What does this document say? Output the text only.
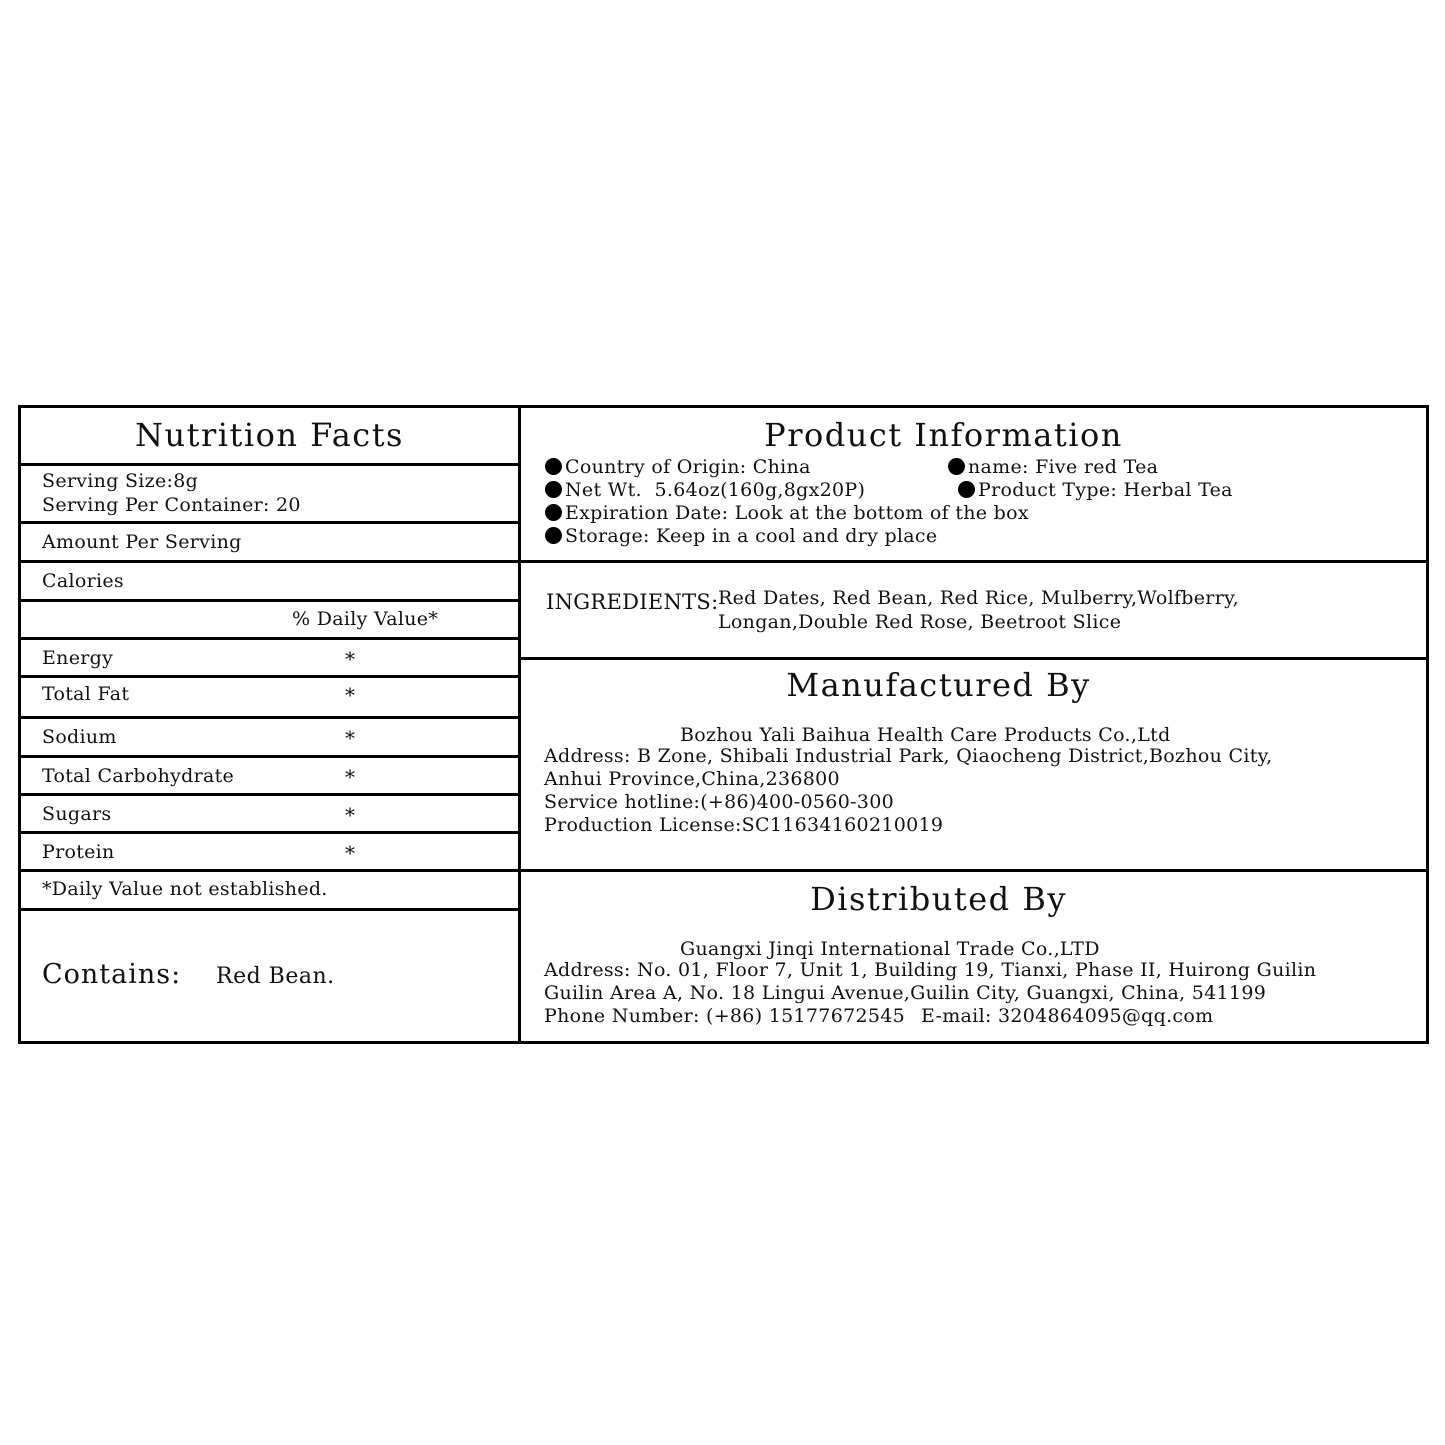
Nutrition Facts
Serving Size:8g
Serving Per Container: 20
Amount Per Serving
Calories
% Daily Value*
Energy	*
Total Fat	*
Sodium	*
Total Carbohydrate	*
Sugars	*
Protein	*
*Daily Value not established.
Contains: Red Bean.
Product Information
Country of Origin: China	name: Five red Tea
Net Wt.  5.64oz(160g,8gx20P)	Product Type: Herbal Tea
Expiration Date: Look at the bottom of the box
Storage: Keep in a cool and dry place
INGREDIENTS: Red Dates, Red Bean, Red Rice, Mulberry,Wolfberry,
Longan,Double Red Rose, Beetroot Slice
Manufactured By
Bozhou Yali Baihua Health Care Products Co.,Ltd
Address: B Zone, Shibali Industrial Park, Qiaocheng District,Bozhou City,
Anhui Province,China,236800
Service hotline:(+86)400-0560-300
Production License:SC11634160210019
Distributed By
Guangxi Jinqi International Trade Co.,LTD
Address: No. 01, Floor 7, Unit 1, Building 19, Tianxi, Phase II, Huirong Guilin
Guilin Area A, No. 18 Lingui Avenue,Guilin City, Guangxi, China, 541199
Phone Number: (+86) 15177672545 E-mail: 3204864095@qq.com
